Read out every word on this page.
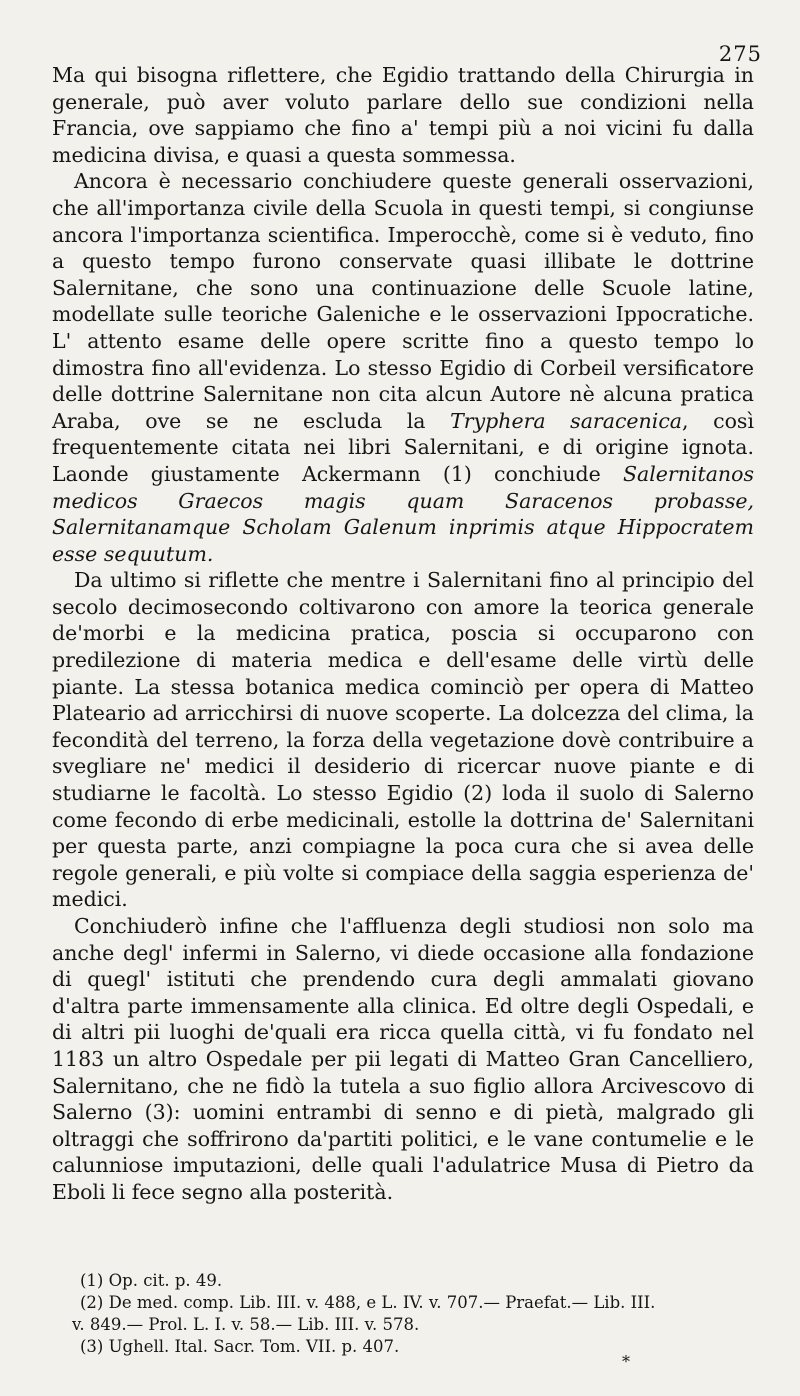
275

Ma qui bisogna riflettere, che Egidio trattando della Chirurgia in generale, può aver voluto parlare dello sue condizioni nella Francia, ove sappiamo che fino a' tempi più a noi vicini fu dalla medicina divisa, e quasi a questa sommessa.

Ancora è necessario conchiudere queste generali osservazioni, che all'importanza civile della Scuola in questi tempi, si congiunse ancora l'importanza scientifica. Imperocchè, come si è veduto, fino a questo tempo furono conservate quasi illibate le dottrine Salernitane, che sono una continuazione delle Scuole latine, modellate sulle teoriche Galeniche e le osservazioni Ippocratiche. L' attento esame delle opere scritte fino a questo tempo lo dimostra fino all'evidenza. Lo stesso Egidio di Corbeil versificatore delle dottrine Salernitane non cita alcun Autore nè alcuna pratica Araba, ove se ne escluda la Tryphera saracenica, così frequentemente citata nei libri Salernitani, e di origine ignota. Laonde giustamente Ackermann (1) conchiude Salernitanos medicos Graecos magis quam Saracenos probasse, Salernitanamque Scholam Galenum inprimis atque Hippocratem esse sequutum.

Da ultimo si riflette che mentre i Salernitani fino al principio del secolo decimosecondo coltivarono con amore la teorica generale de'morbi e la medicina pratica, poscia si occuparono con predilezione di materia medica e dell'esame delle virtù delle piante. La stessa botanica medica cominciò per opera di Matteo Plateario ad arricchirsi di nuove scoperte. La dolcezza del clima, la fecondità del terreno, la forza della vegetazione dovè contribuire a svegliare ne' medici il desiderio di ricercar nuove piante e di studiarne le facoltà. Lo stesso Egidio (2) loda il suolo di Salerno come fecondo di erbe medicinali, estolle la dottrina de' Salernitani per questa parte, anzi compiagne la poca cura che si avea delle regole generali, e più volte si compiace della saggia esperienza de' medici.

Conchiuderò infine che l'affluenza degli studiosi non solo ma anche degl' infermi in Salerno, vi diede occasione alla fondazione di quegl' istituti che prendendo cura degli ammalati giovano d'altra parte immensamente alla clinica. Ed oltre degli Ospedali, e di altri pii luoghi de'quali era ricca quella città, vi fu fondato nel 1183 un altro Ospedale per pii legati di Matteo Gran Cancelliero, Salernitano, che ne fidò la tutela a suo figlio allora Arcivescovo di Salerno (3): uomini entrambi di senno e di pietà, malgrado gli oltraggi che soffrirono da'partiti politici, e le vane contumelie e le calunniose imputazioni, delle quali l'adulatrice Musa di Pietro da Eboli li fece segno alla posterità.

(1) Op. cit. p. 49.

(2) De med. comp. Lib. III. v. 488, e L. IV. v. 707.— Praefat.— Lib. III.

v. 849.— Prol. L. I. v. 58.— Lib. III. v. 578.

(3) Ughell. Ital. Sacr. Tom. VII. p. 407.

*
